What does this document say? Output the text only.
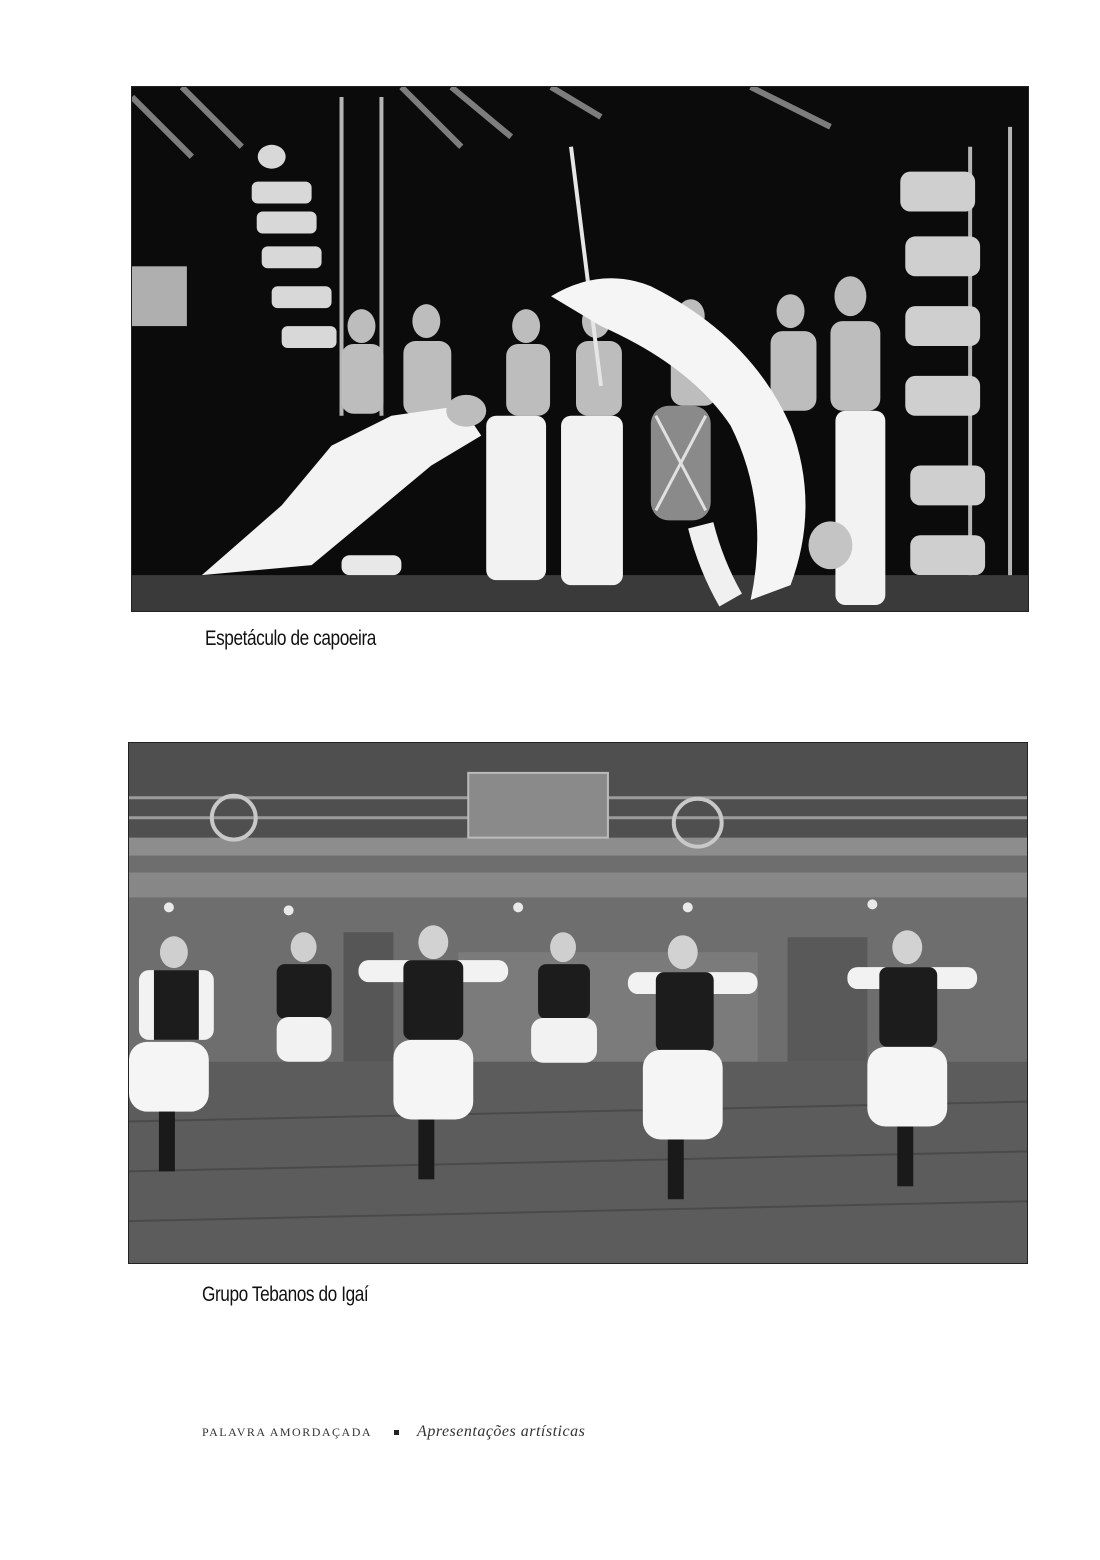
Espetáculo de capoeira
Grupo Tebanos do Igaí
PALAVRA AMORDAÇADA	Apresentações artísticas
